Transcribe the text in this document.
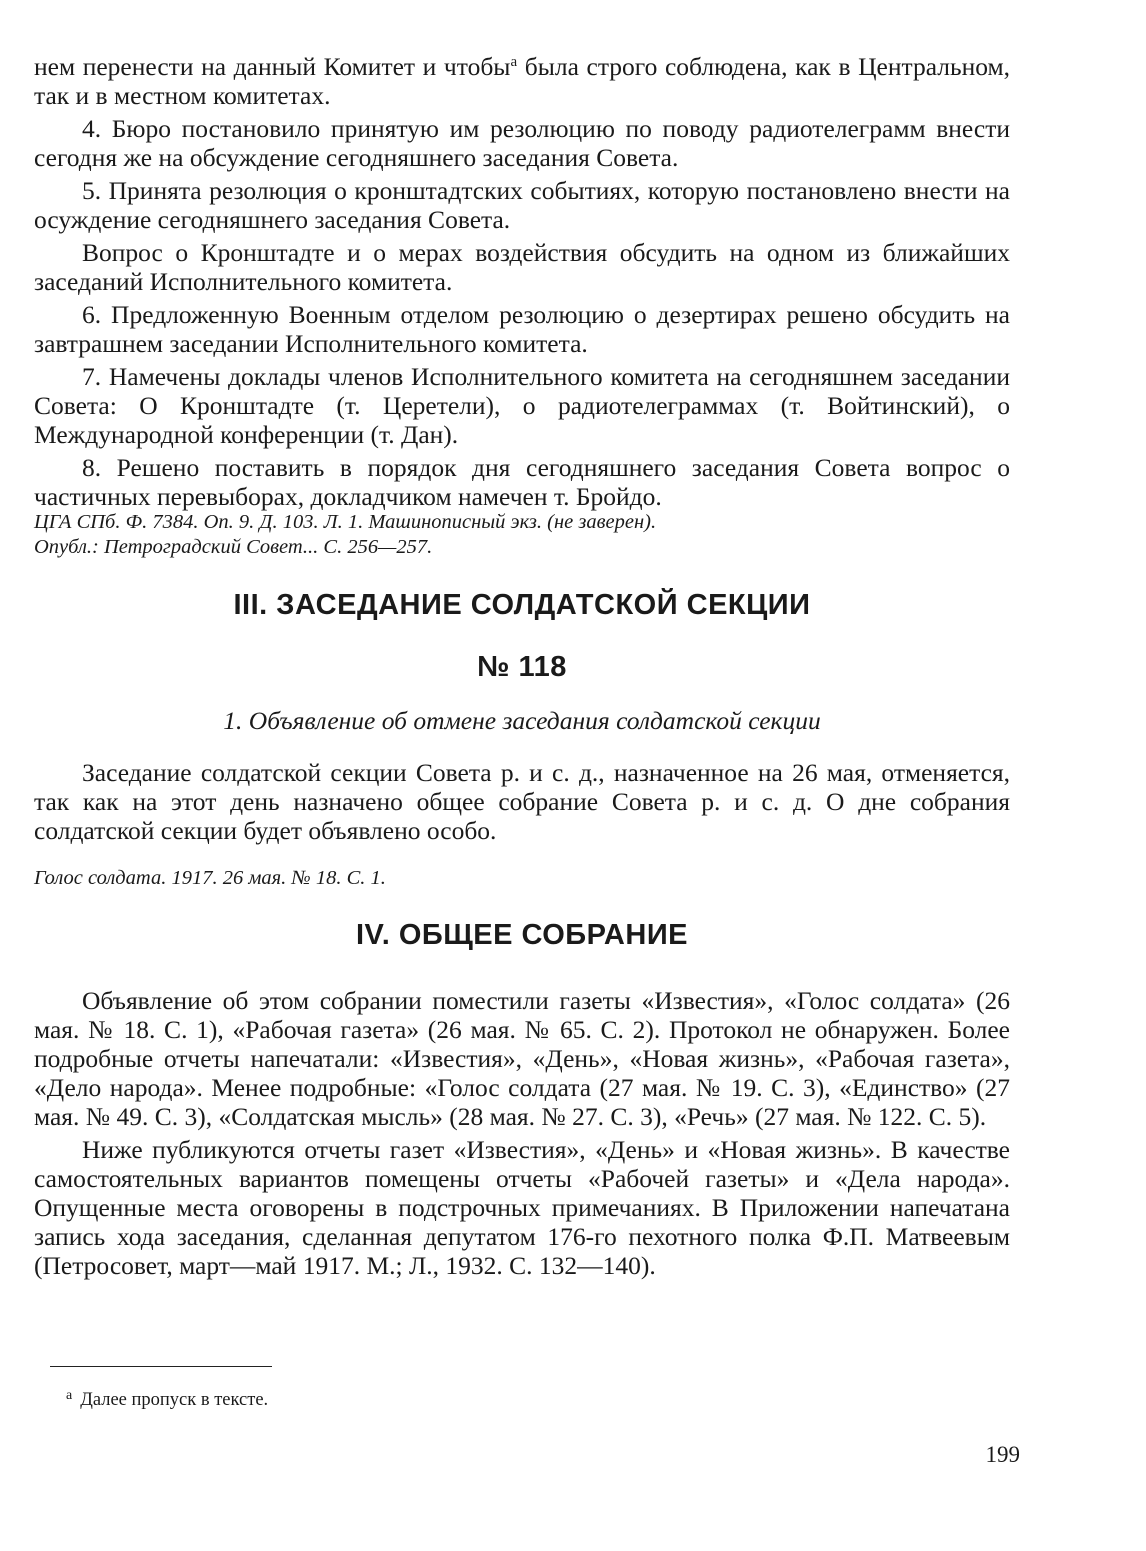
нем перенести на данный Комитет и чтобы$^а$ была строго соблюдена, как в Центральном, так и в местном комитетах.

4. Бюро постановило принятую им резолюцию по поводу радиотелеграмм внести сегодня же на обсуждение сегодняшнего заседания Совета.

5. Принята резолюция о кронштадтских событиях, которую постановлено внести на осуждение сегодняшнего заседания Совета.

Вопрос о Кронштадте и о мерах воздействия обсудить на одном из ближайших заседаний Исполнительного комитета.

6. Предложенную Военным отделом резолюцию о дезертирах решено обсудить на завтрашнем заседании Исполнительного комитета.

7. Намечены доклады членов Исполнительного комитета на сегодняшнем заседании Совета: О Кронштадте (т. Церетели), о радиотелеграммах (т. Войтинский), о Международной конференции (т. Дан).

8. Решено поставить в порядок дня сегодняшнего заседания Совета вопрос о частичных перевыборах, докладчиком намечен т. Бройдо.

ЦГА СПб. Ф. 7384. Оп. 9. Д. 103. Л. 1. Машинописный экз. (не заверен).
Опубл.: Петроградский Совет... С. 256—257.
III. ЗАСЕДАНИЕ СОЛДАТСКОЙ СЕКЦИИ
№ 118
1. Объявление об отмене заседания солдатской секции

Заседание солдатской секции Совета р. и с. д., назначенное на 26 мая, отменяется, так как на этот день назначено общее собрание Совета р. и с. д. О дне собрания солдатской секции будет объявлено особо.

Голос солдата. 1917. 26 мая. № 18. С. 1.
IV. ОБЩЕЕ СОБРАНИЕ

Объявление об этом собрании поместили газеты «Известия», «Голос солдата» (26 мая. № 18. С. 1), «Рабочая газета» (26 мая. № 65. С. 2). Протокол не обнаружен. Более подробные отчеты напечатали: «Известия», «День», «Новая жизнь», «Рабочая газета», «Дело народа». Менее подробные: «Голос солдата (27 мая. № 19. С. 3), «Единство» (27 мая. № 49. С. 3), «Солдатская мысль» (28 мая. № 27. С. 3), «Речь» (27 мая. № 122. С. 5).

Ниже публикуются отчеты газет «Известия», «День» и «Новая жизнь». В качестве самостоятельных вариантов помещены отчеты «Рабочей газеты» и «Дела народа». Опущенные места оговорены в подстрочных примечаниях. В Приложении напечатана запись хода заседания, сделанная депутатом 176-го пехотного полка Ф.П. Матвеевым (Петросовет, март—май 1917. М.; Л., 1932. С. 132—140).

$^а$ Далее пропуск в тексте.
199
